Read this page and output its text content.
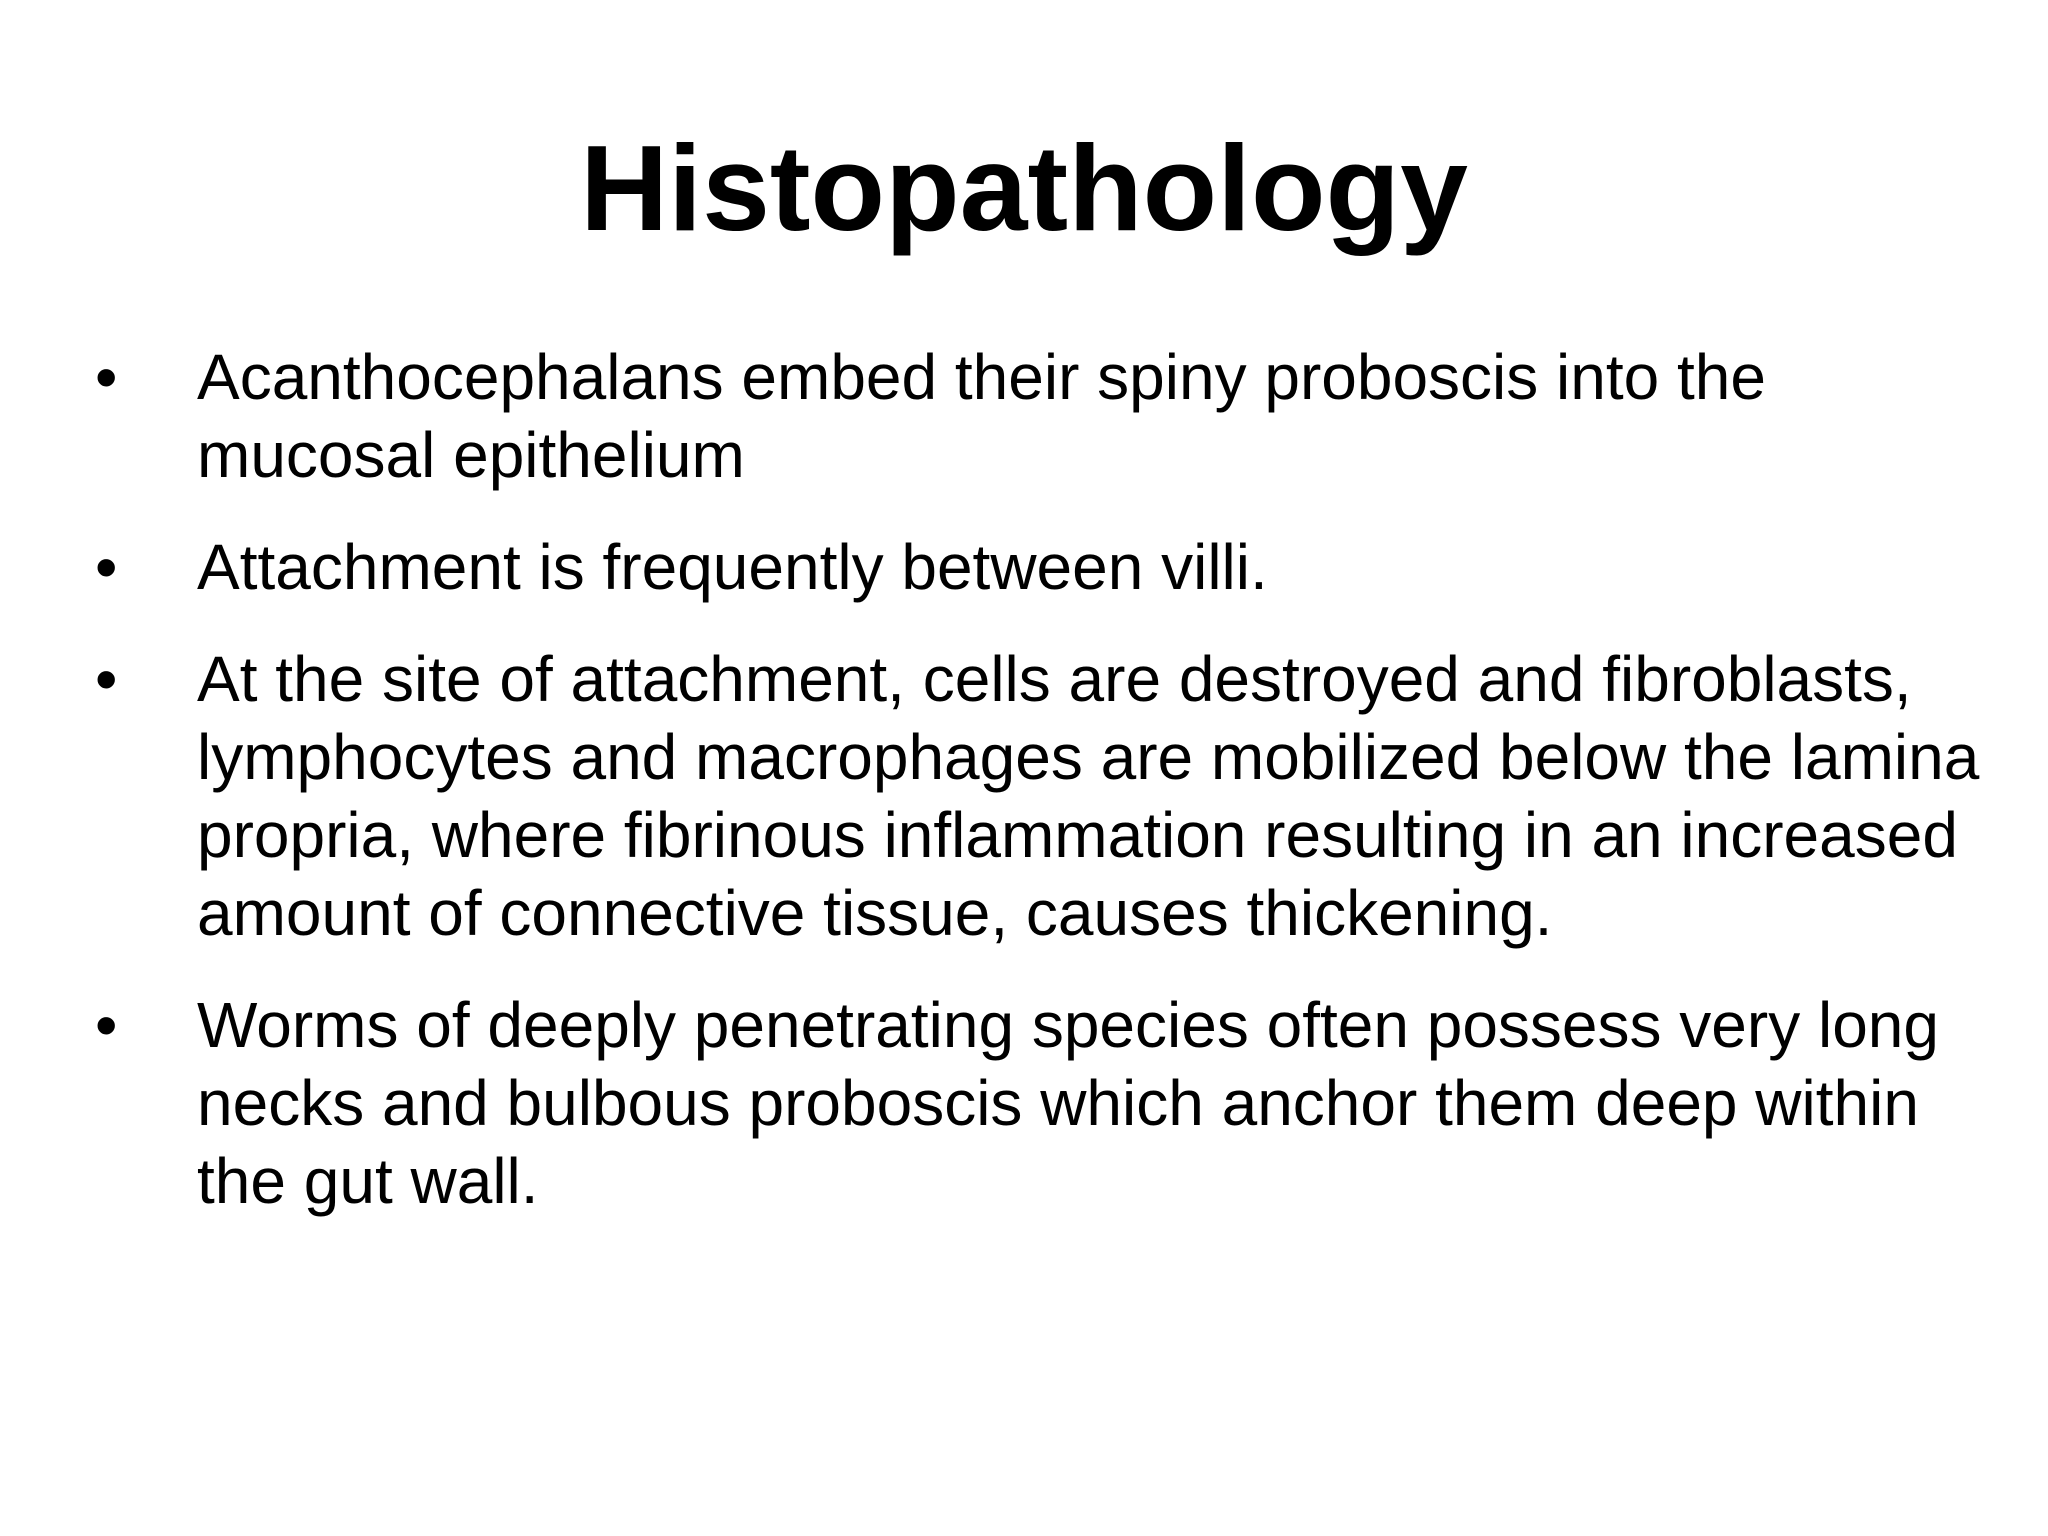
Histopathology
•	Acanthocephalans embed their spiny proboscis into the mucosal epithelium
•	Attachment is frequently between villi.
•	At the site of attachment, cells are destroyed and fibroblasts, lymphocytes and macrophages are mobilized below the lamina propria, where fibrinous inflammation resulting in an increased amount of connective tissue, causes thickening.
•	Worms of deeply penetrating species often possess very long necks and bulbous proboscis which anchor them deep within the gut wall.
